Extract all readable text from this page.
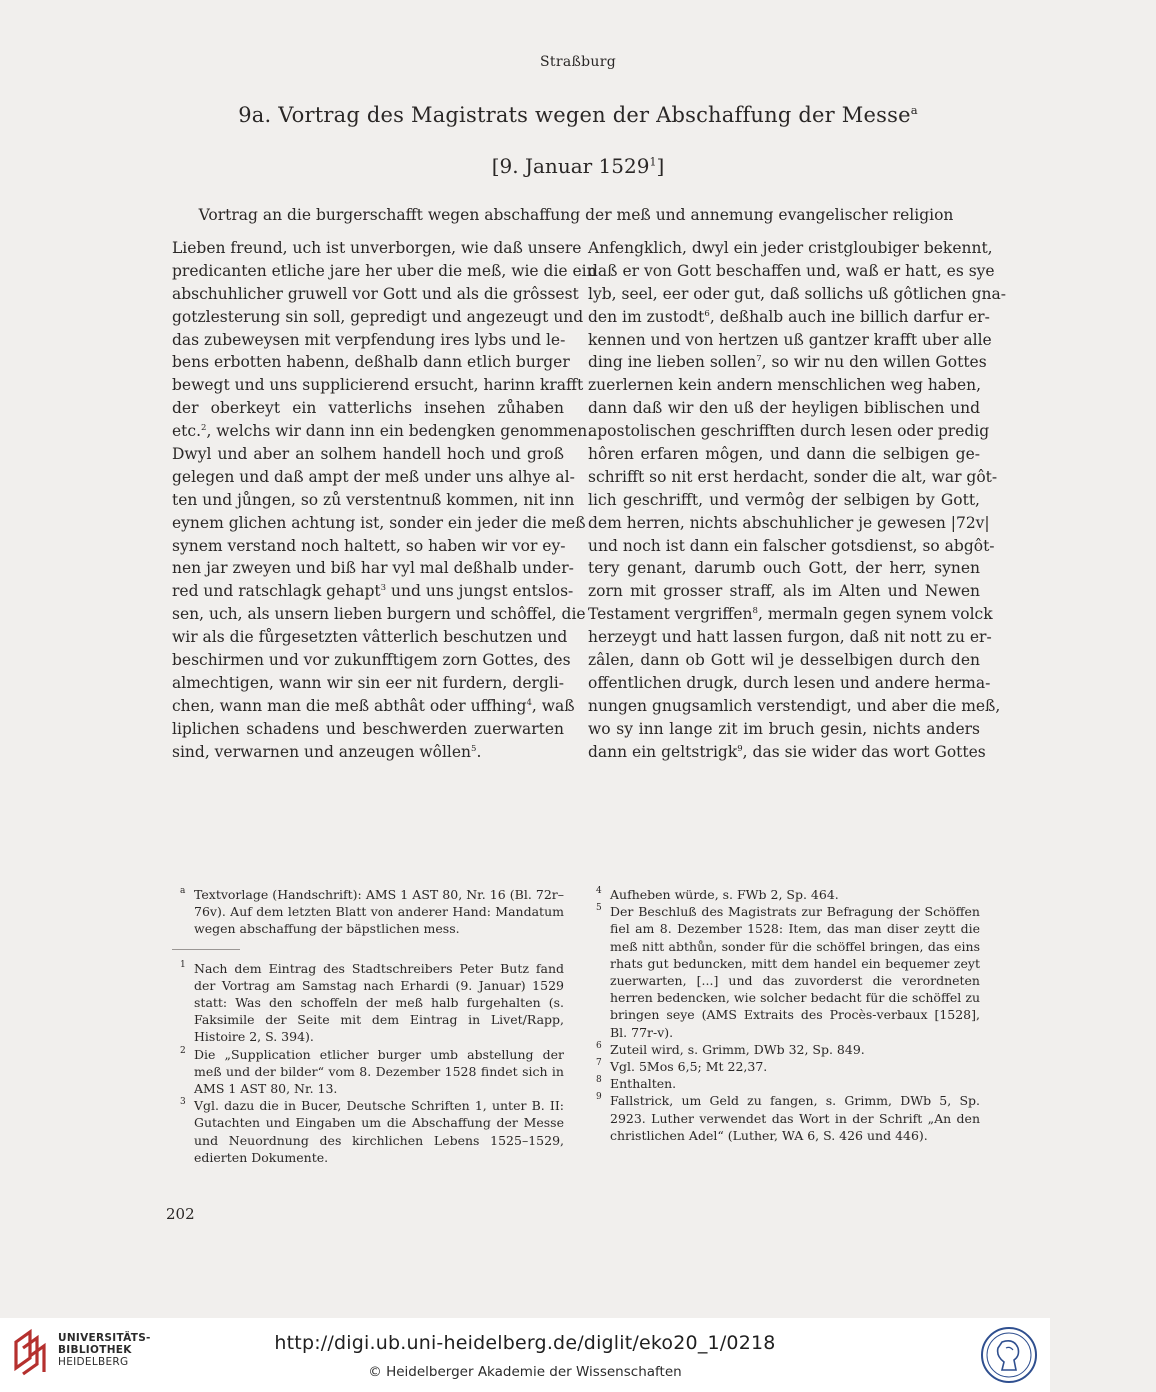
Straßburg
9a. Vortrag des Magistrats wegen der Abschaffung der Messe$^a$
[9. Januar 1529$^1$]
Vortrag an die burgerschafft wegen abschaffung der meß und annemung evangelischer religion
Lieben freund, uch ist unverborgen, wie daß unsere
predicanten etliche jare her uber die meß, wie die ein
abschuhlicher gruwell vor Gott und als die grôssest
gotzlesterung sin soll, gepredigt und angezeugt und
das zubeweysen mit verpfendung ires lybs und le-
bens erbotten habenn, deßhalb dann etlich burger
bewegt und uns supplicierend ersucht, harinn krafft
der oberkeyt ein vatterlichs insehen zůhaben
etc.$^2$, welchs wir dann inn ein bedengken genommen.
Dwyl und aber an solhem handell hoch und groß
gelegen und daß ampt der meß under uns alhye al-
ten und jůngen, so zů verstentnuß kommen, nit inn
eynem glichen achtung ist, sonder ein jeder die meß
synem verstand noch haltett, so haben wir vor ey-
nen jar zweyen und biß har vyl mal deßhalb under-
red und ratschlagk gehapt$^3$ und uns jungst entslos-
sen, uch, als unsern lieben burgern und schôffel, die
wir als die fůrgesetzten vâtterlich beschutzen und
beschirmen und vor zukunfftigem zorn Gottes, des
almechtigen, wann wir sin eer nit furdern, dergli-
chen, wann man die meß abthât oder uffhing$^4$, waß
liplichen schadens und beschwerden zuerwarten
sind, verwarnen und anzeugen wôllen$^5$.
Anfengklich, dwyl ein jeder cristgloubiger bekennt,
daß er von Gott beschaffen und, waß er hatt, es sye
lyb, seel, eer oder gut, daß sollichs uß gôtlichen gna-
den im zustodt$^6$, deßhalb auch ine billich darfur er-
kennen und von hertzen uß gantzer krafft uber alle
ding ine lieben sollen$^7$, so wir nu den willen Gottes
zuerlernen kein andern menschlichen weg haben,
dann daß wir den uß der heyligen biblischen und
apostolischen geschrifften durch lesen oder predig
hôren erfaren môgen, und dann die selbigen ge-
schrifft so nit erst herdacht, sonder die alt, war gôt-
lich geschrifft, und vermôg der selbigen by Gott,
dem herren, nichts abschuhlicher je gewesen |72v|
und noch ist dann ein falscher gotsdienst, so abgôt-
tery genant, darumb ouch Gott, der herr, synen
zorn mit grosser straff, als im Alten und Newen
Testament vergriffen$^8$, mermaln gegen synem volck
herzeygt und hatt lassen furgon, daß nit nott zu er-
zâlen, dann ob Gott wil je desselbigen durch den
offentlichen drugk, durch lesen und andere herma-
nungen gnugsamlich verstendigt, und aber die meß,
wo sy inn lange zit im bruch gesin, nichts anders
dann ein geltstrigk$^9$, das sie wider das wort Gottes
a Textvorlage (Handschrift): AMS 1 AST 80, Nr. 16 (Bl. 72r–76v). Auf dem letzten Blatt von anderer Hand: Mandatum wegen abschaffung der bäpstlichen mess.
1 Nach dem Eintrag des Stadtschreibers Peter Butz fand der Vortrag am Samstag nach Erhardi (9. Januar) 1529 statt: Was den schoffeln der meß halb furgehalten (s. Faksimile der Seite mit dem Eintrag in Livet/Rapp, Histoire 2, S. 394).
2 Die „Supplication etlicher burger umb abstellung der meß und der bilder“ vom 8. Dezember 1528 findet sich in AMS 1 AST 80, Nr. 13.
3 Vgl. dazu die in Bucer, Deutsche Schriften 1, unter B. II: Gutachten und Eingaben um die Abschaffung der Messe und Neuordnung des kirchlichen Lebens 1525–1529, edierten Dokumente.
4 Aufheben würde, s. FWb 2, Sp. 464.
5 Der Beschluß des Magistrats zur Befragung der Schöffen fiel am 8. Dezember 1528: Item, das man diser zeytt die meß nitt abthůn, sonder für die schöffel bringen, das eins rhats gut beduncken, mitt dem handel ein bequemer zeyt zuerwarten, [...] und das zuvorderst die verordneten herren bedencken, wie solcher bedacht für die schöffel zu bringen seye (AMS Extraits des Procès-verbaux [1528], Bl. 77r-v).
6 Zuteil wird, s. Grimm, DWb 32, Sp. 849.
7 Vgl. 5Mos 6,5; Mt 22,37.
8 Enthalten.
9 Fallstrick, um Geld zu fangen, s. Grimm, DWb 5, Sp. 2923. Luther verwendet das Wort in der Schrift „An den christlichen Adel“ (Luther, WA 6, S. 426 und 446).
202
UNIVERSITÄTS-
BIBLIOTHEK
HEIDELBERG
http://digi.ub.uni-heidelberg.de/diglit/eko20_1/0218
© Heidelberger Akademie der Wissenschaften
